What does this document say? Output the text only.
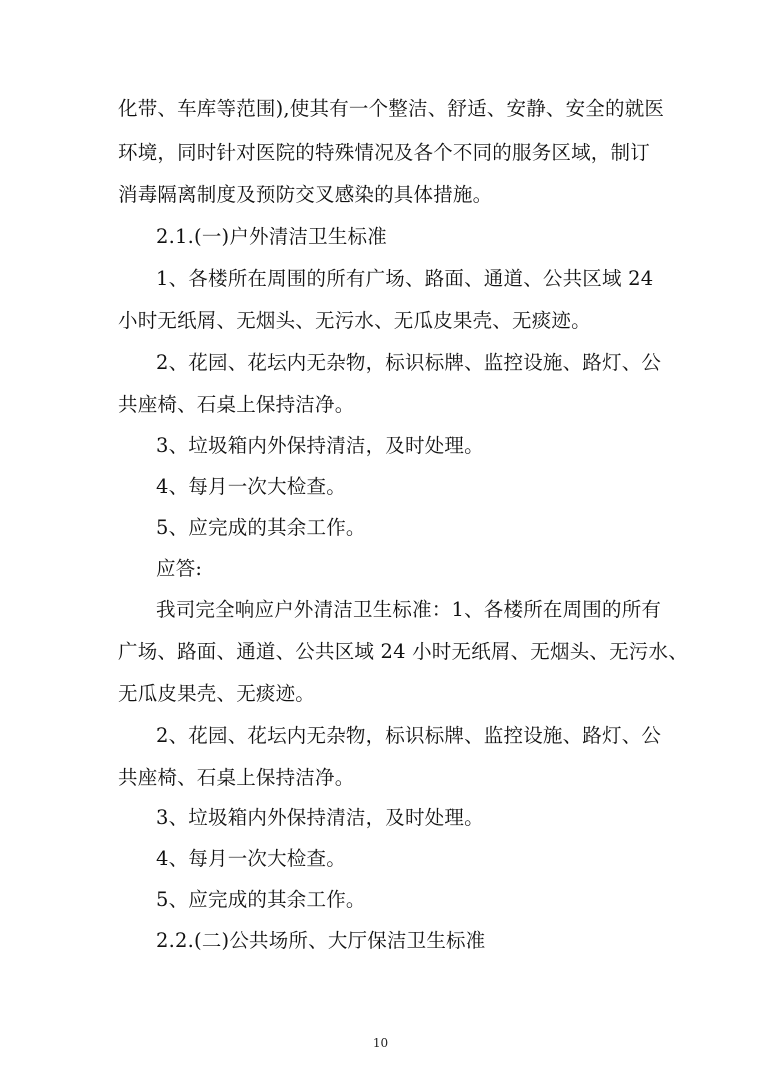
化带、车库等范围),使其有一个整洁、舒适、安静、安全的就医
环境，同时针对医院的特殊情况及各个不同的服务区域，制订
消毒隔离制度及预防交叉感染的具体措施。
2.1.(一)户外清洁卫生标准
1、各楼所在周围的所有广场、路面、通道、公共区域 24
小时无纸屑、无烟头、无污水、无瓜皮果壳、无痰迹。
2、花园、花坛内无杂物，标识标牌、监控设施、路灯、公
共座椅、石桌上保持洁净。
3、垃圾箱内外保持清洁，及时处理。
4、每月一次大检查。
5、应完成的其余工作。
应答:
我司完全响应户外清洁卫生标准：1、各楼所在周围的所有
广场、路面、通道、公共区域 24 小时无纸屑、无烟头、无污水、
无瓜皮果壳、无痰迹。
2、花园、花坛内无杂物，标识标牌、监控设施、路灯、公
共座椅、石桌上保持洁净。
3、垃圾箱内外保持清洁，及时处理。
4、每月一次大检查。
5、应完成的其余工作。
2.2.(二)公共场所、大厅保洁卫生标准
10
